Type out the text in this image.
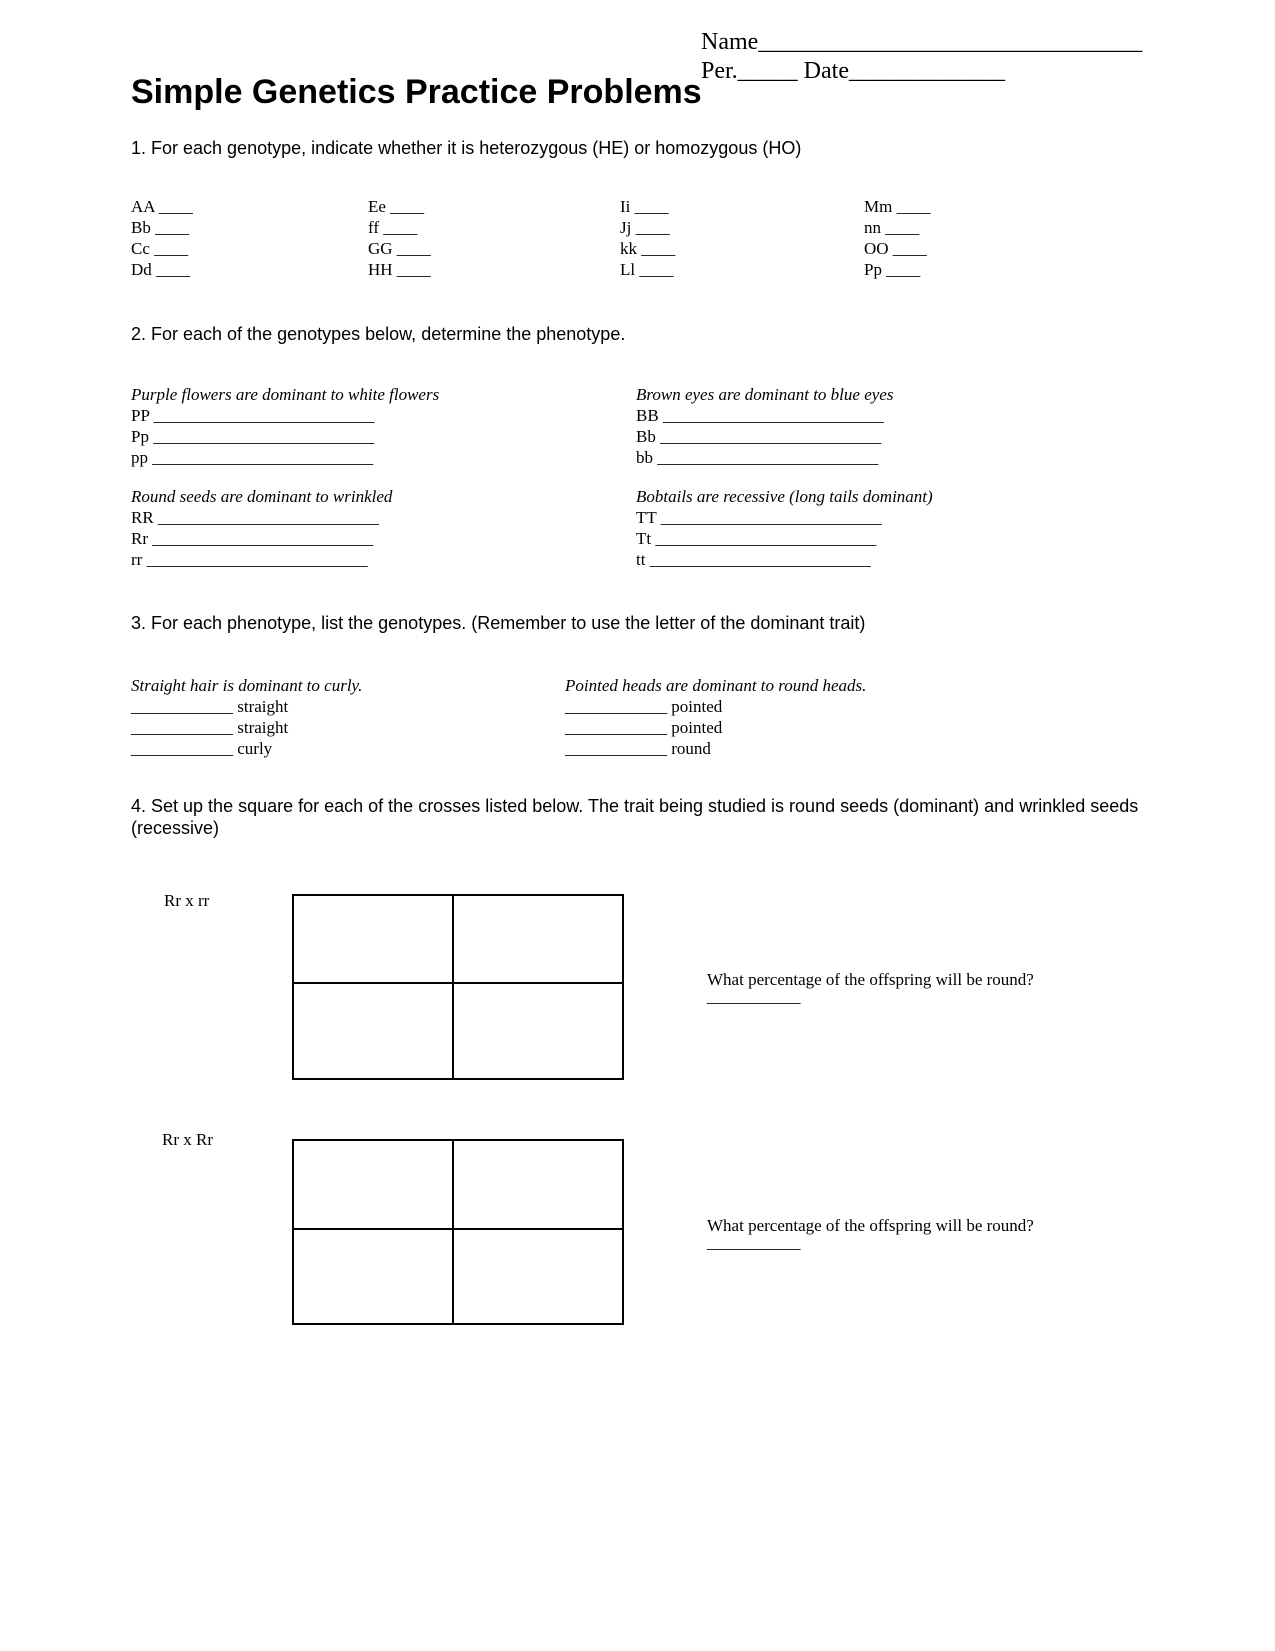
Name________________________________
Per._____ Date_____________
Simple Genetics Practice Problems
1. For each genotype, indicate whether it is heterozygous (HE) or homozygous (HO)
AA ____
Bb ____
Cc ____
Dd ____
Ee ____
ff ____
GG ____
HH ____
Ii ____
Jj ____
kk ____
Ll ____
Mm ____
nn ____
OO ____
Pp ____
2. For each of the genotypes below, determine the phenotype.
Purple flowers are dominant to white flowers
PP __________________________
Pp __________________________
pp __________________________
Brown eyes are dominant to blue eyes
BB __________________________
Bb __________________________
bb __________________________
Round seeds are dominant to wrinkled
RR __________________________
Rr __________________________
rr __________________________
Bobtails are recessive (long tails dominant)
TT __________________________
Tt __________________________
tt __________________________
3. For each phenotype, list the genotypes. (Remember to use the letter of the dominant trait)
Straight hair is dominant to curly.
____________ straight
____________ straight
____________ curly
Pointed heads are dominant to round heads.
____________ pointed
____________ pointed
____________ round
4. Set up the square for each of the crosses listed below. The trait being studied is round seeds (dominant) and wrinkled seeds (recessive)
Rr x rr
What percentage of the offspring will be round?
___________
Rr x Rr
What percentage of the offspring will be round?
___________
